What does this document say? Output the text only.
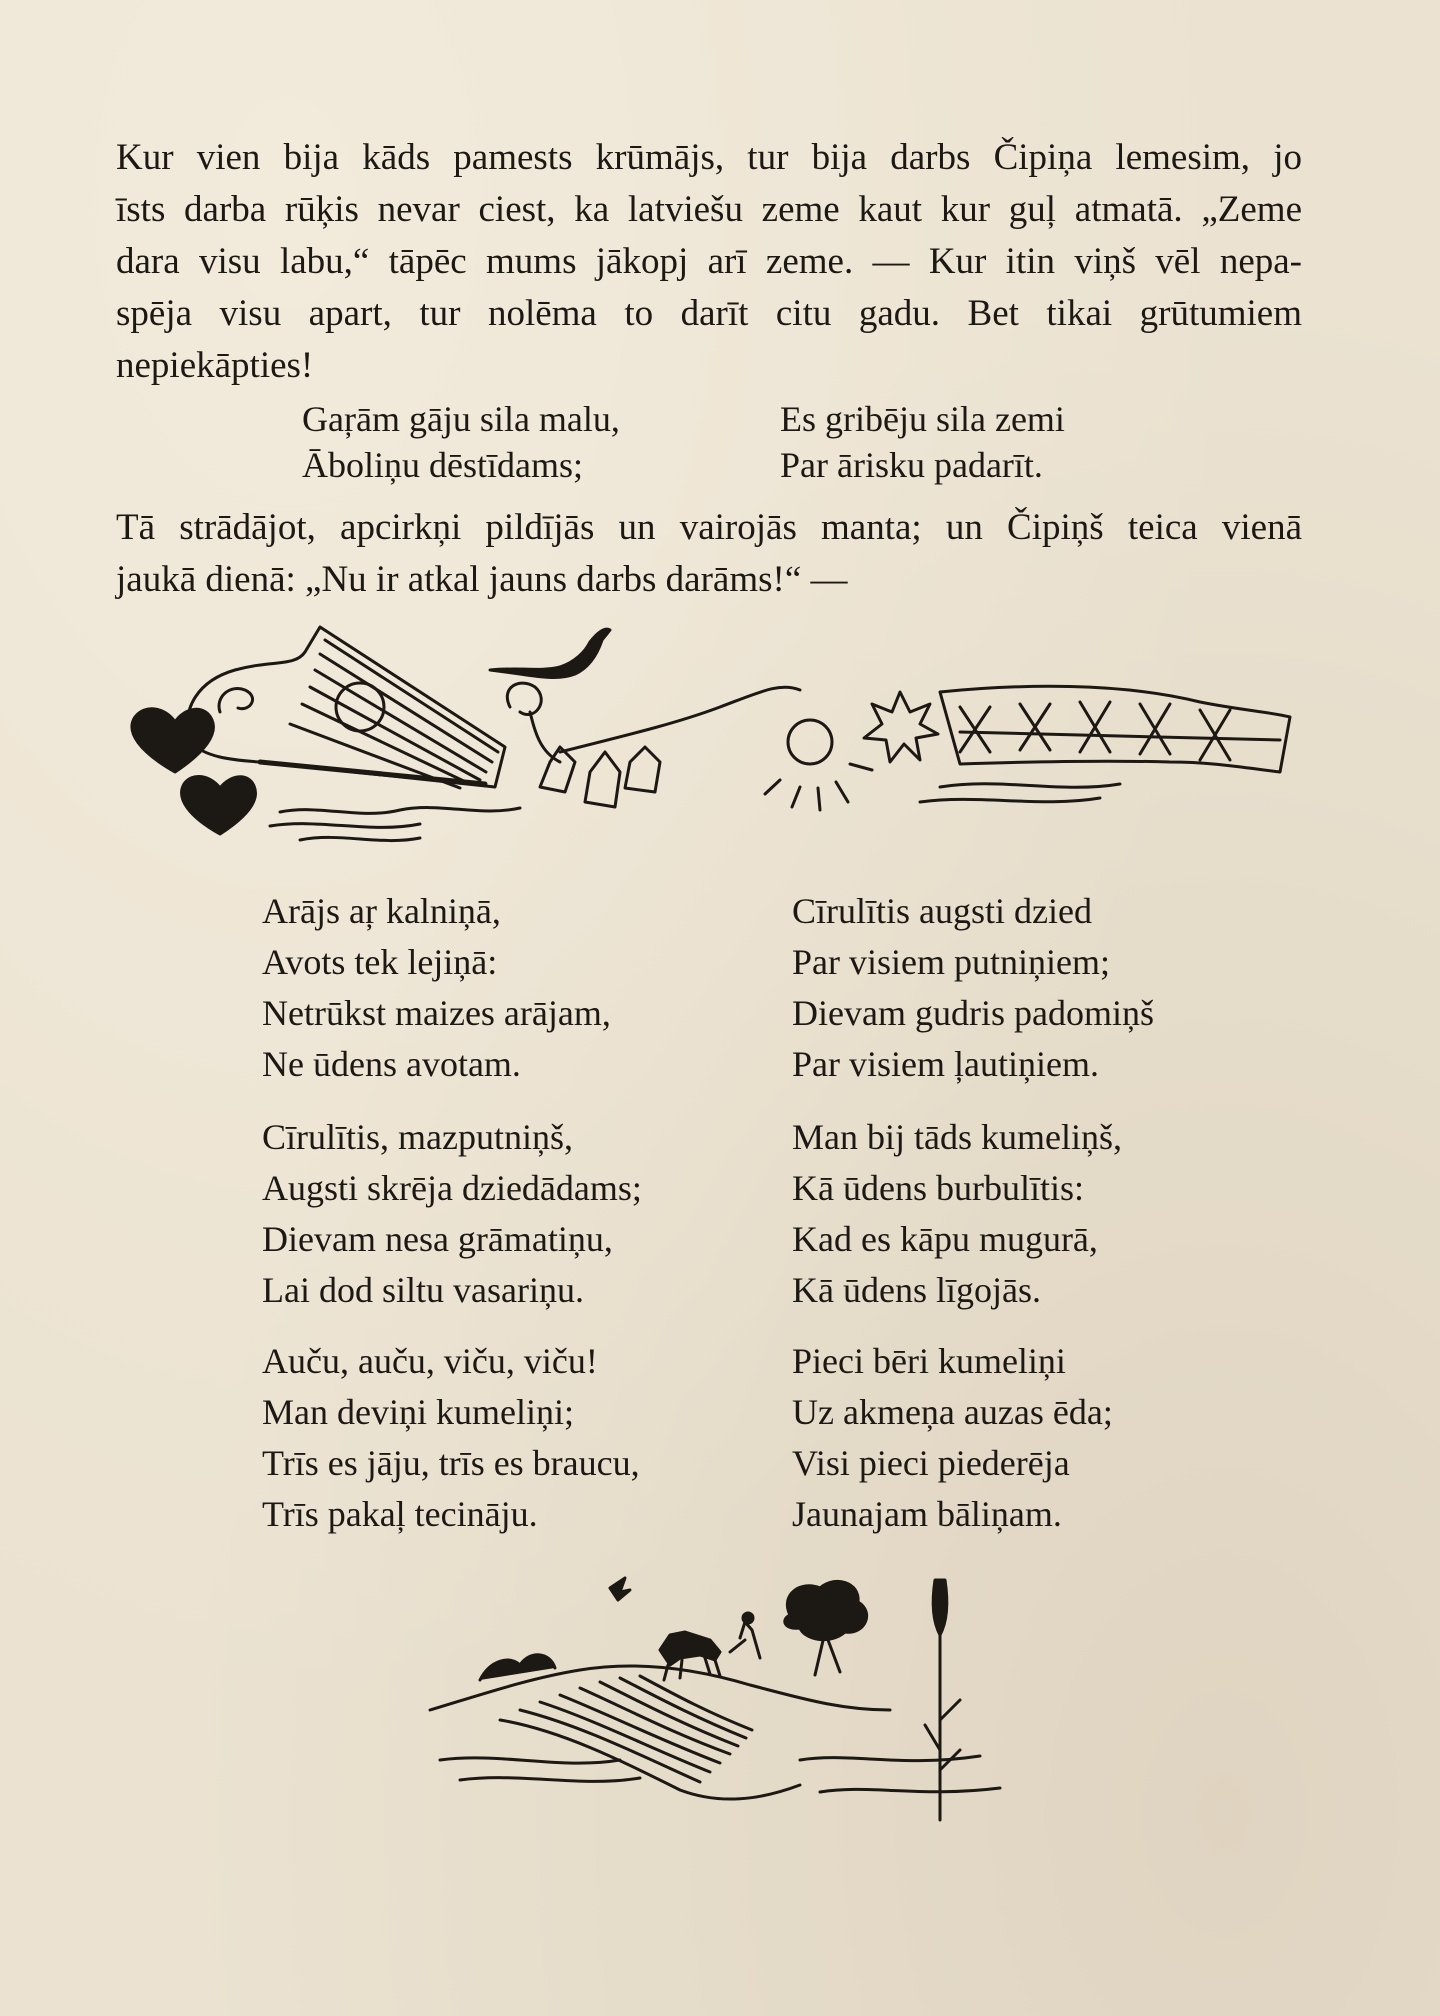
Kur vien bija kāds pamests krūmājs, tur bija darbs Čipiņa lemesim, jo
īsts darba rūķis nevar ciest, ka latviešu zeme kaut kur guļ atmatā. „Zeme
dara visu labu,“ tāpēc mums jākopj arī zeme. — Kur itin viņš vēl nepa-
spēja visu apart, tur nolēma to darīt citu gadu. Bet tikai grūtumiem
nepiekāpties!

Gaŗām gāju sila malu,
Āboliņu dēstīdams;
Es gribēju sila zemi
Par ārisku padarīt.

Tā strādājot, apcirkņi pildījās un vairojās manta; un Čipiņš teica vienā
jaukā dienā: „Nu ir atkal jauns darbs darāms!“ —

Arājs aŗ kalniņā,
Avots tek lejiņā:
Netrūkst maizes arājam,
Ne ūdens avotam.
Cīrulītis augsti dzied
Par visiem putniņiem;
Dievam gudris padomiņš
Par visiem ļautiņiem.
Cīrulītis, mazputniņš,
Augsti skrēja dziedādams;
Dievam nesa grāmatiņu,
Lai dod siltu vasariņu.
Man bij tāds kumeliņš,
Kā ūdens burbulītis:
Kad es kāpu mugurā,
Kā ūdens līgojās.
Auču, auču, viču, viču!
Man deviņi kumeliņi;
Trīs es jāju, trīs es braucu,
Trīs pakaļ tecināju.
Pieci bēri kumeliņi
Uz akmeņa auzas ēda;
Visi pieci piederēja
Jaunajam bāliņam.
